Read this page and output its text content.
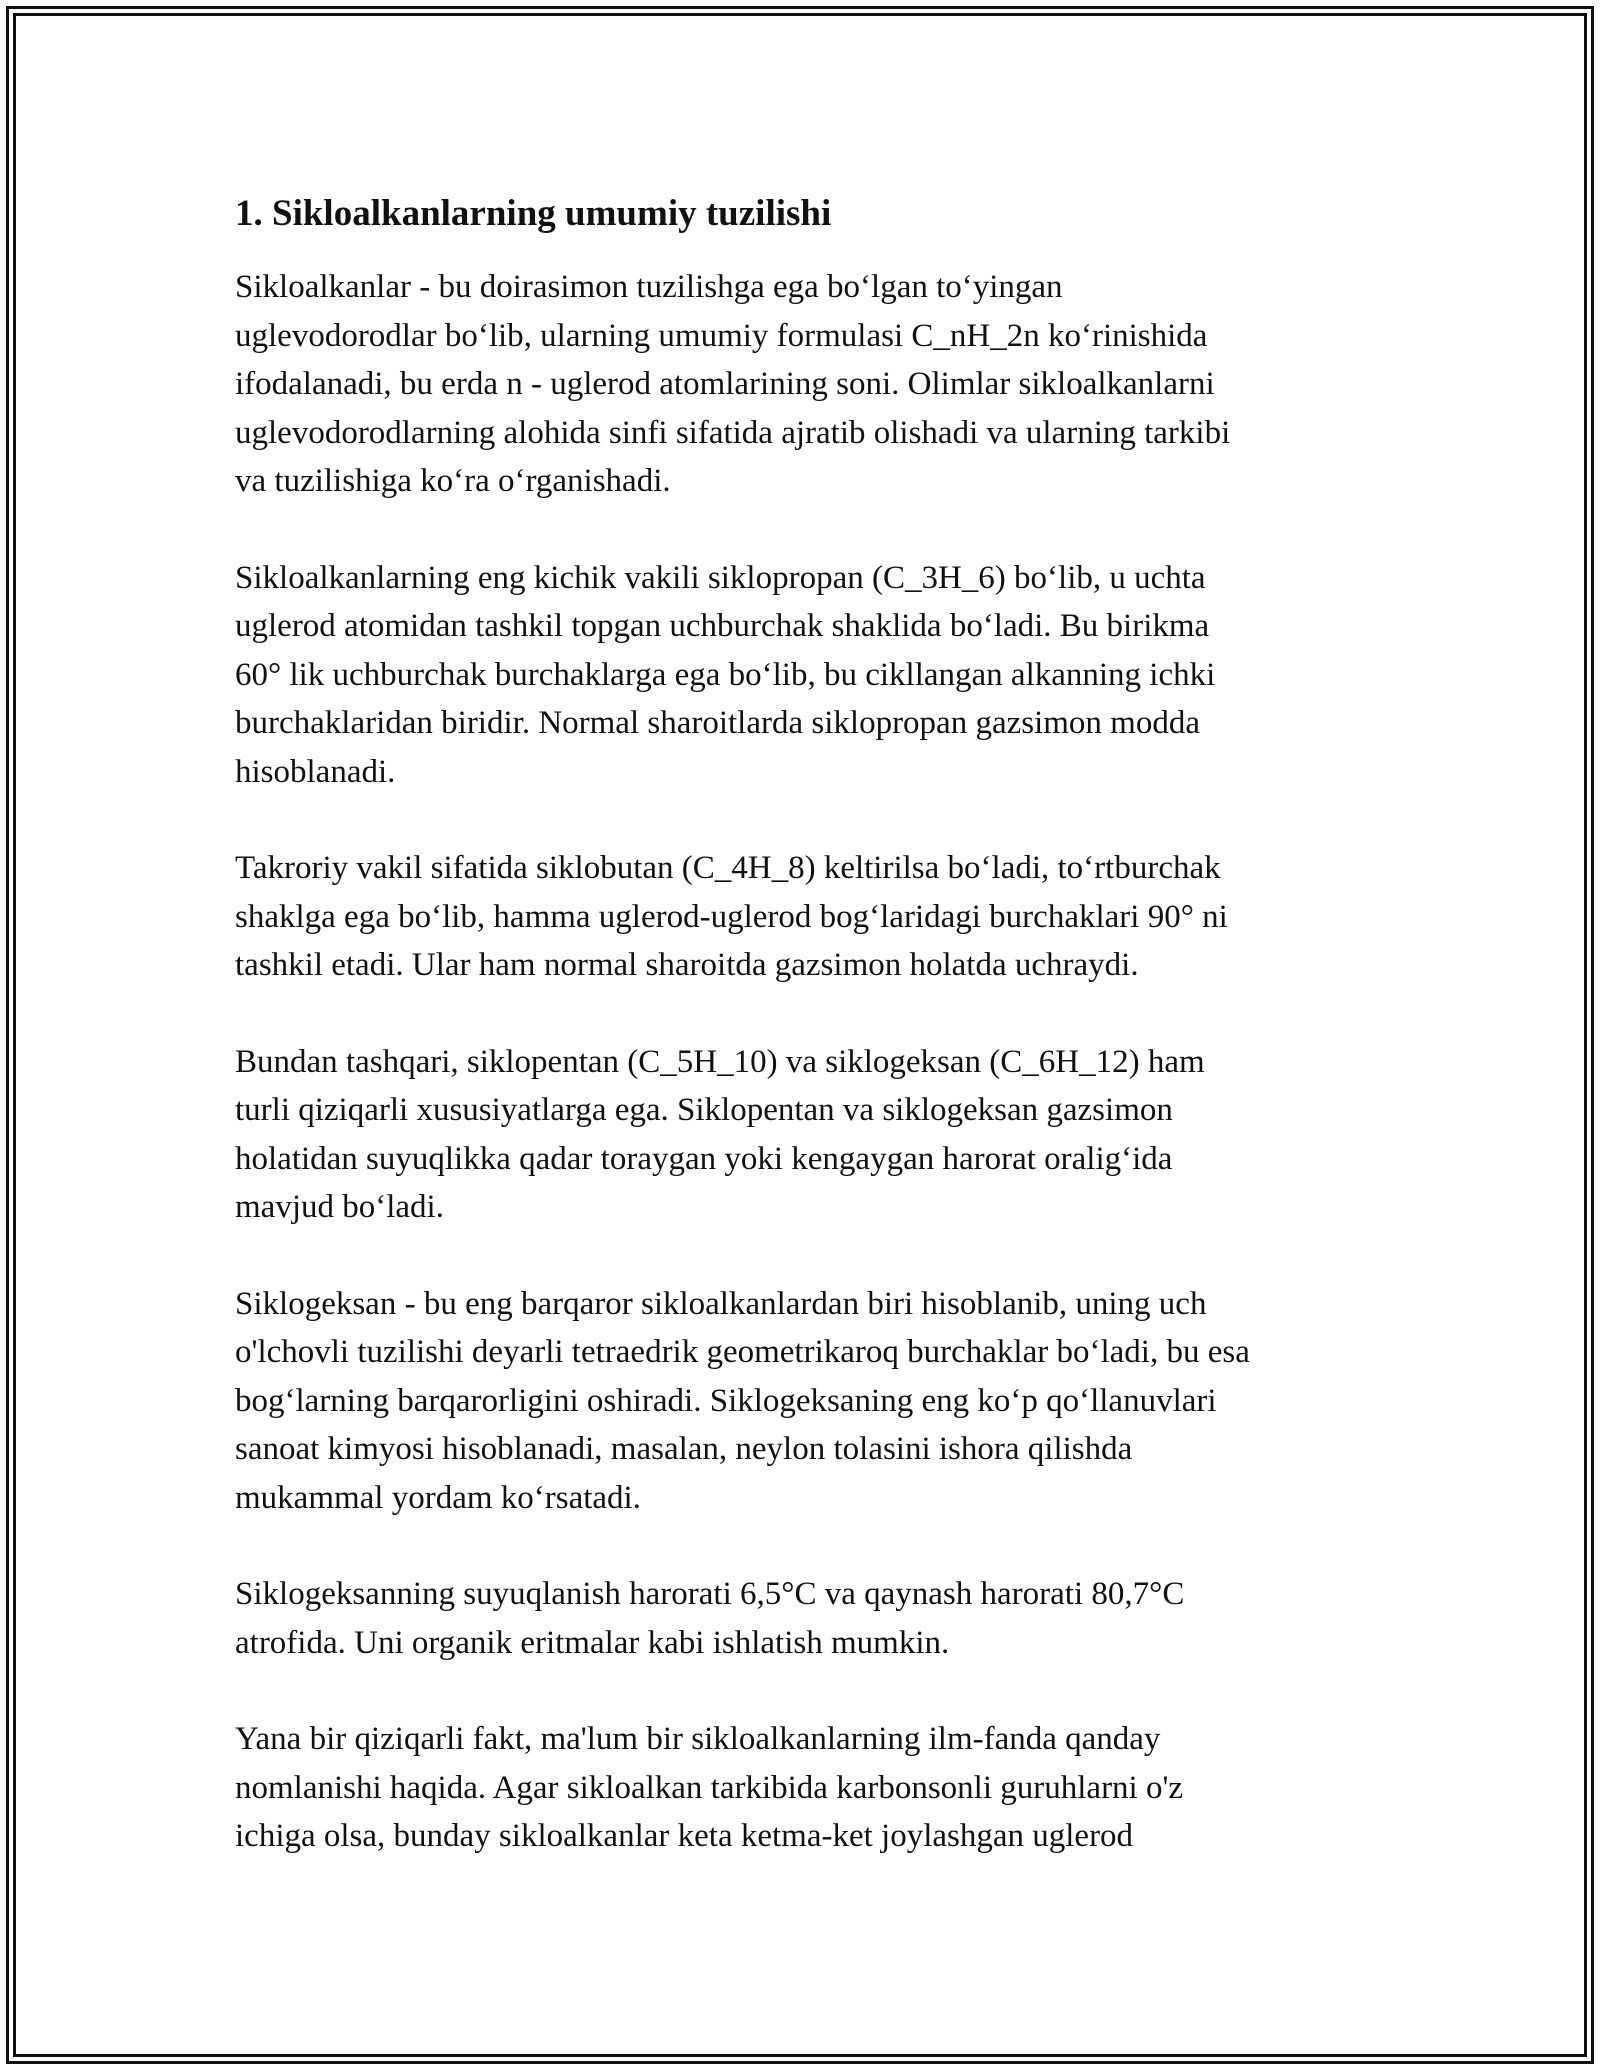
1. Sikloalkanlarning umumiy tuzilishi

Sikloalkanlar - bu doirasimon tuzilishga ega bo‘lgan to‘yingan
uglevodorodlar bo‘lib, ularning umumiy formulasi C_nH_2n ko‘rinishida
ifodalanadi, bu erda n - uglerod atomlarining soni. Olimlar sikloalkanlarni
uglevodorodlarning alohida sinfi sifatida ajratib olishadi va ularning tarkibi
va tuzilishiga ko‘ra o‘rganishadi.

Sikloalkanlarning eng kichik vakili siklopropan (C_3H_6) bo‘lib, u uchta
uglerod atomidan tashkil topgan uchburchak shaklida bo‘ladi. Bu birikma
60° lik uchburchak burchaklarga ega bo‘lib, bu cikllangan alkanning ichki
burchaklaridan biridir. Normal sharoitlarda siklopropan gazsimon modda
hisoblanadi.

Takroriy vakil sifatida siklobutan (C_4H_8) keltirilsa bo‘ladi, to‘rtburchak
shaklga ega bo‘lib, hamma uglerod-uglerod bog‘laridagi burchaklari 90° ni
tashkil etadi. Ular ham normal sharoitda gazsimon holatda uchraydi.

Bundan tashqari, siklopentan (C_5H_10) va siklogeksan (C_6H_12) ham
turli qiziqarli xususiyatlarga ega. Siklopentan va siklogeksan gazsimon
holatidan suyuqlikka qadar toraygan yoki kengaygan harorat oralig‘ida
mavjud bo‘ladi.

Siklogeksan - bu eng barqaror sikloalkanlardan biri hisoblanib, uning uch
o'lchovli tuzilishi deyarli tetraedrik geometrikaroq burchaklar bo‘ladi, bu esa
bog‘larning barqarorligini oshiradi. Siklogeksaning eng ko‘p qo‘llanuvlari
sanoat kimyosi hisoblanadi, masalan, neylon tolasini ishora qilishda
mukammal yordam ko‘rsatadi.

Siklogeksanning suyuqlanish harorati 6,5°C va qaynash harorati 80,7°C
atrofida. Uni organik eritmalar kabi ishlatish mumkin.

Yana bir qiziqarli fakt, ma'lum bir sikloalkanlarning ilm-fanda qanday
nomlanishi haqida. Agar sikloalkan tarkibida karbonsonli guruhlarni o'z
ichiga olsa, bunday sikloalkanlar keta ketma-ket joylashgan uglerod
